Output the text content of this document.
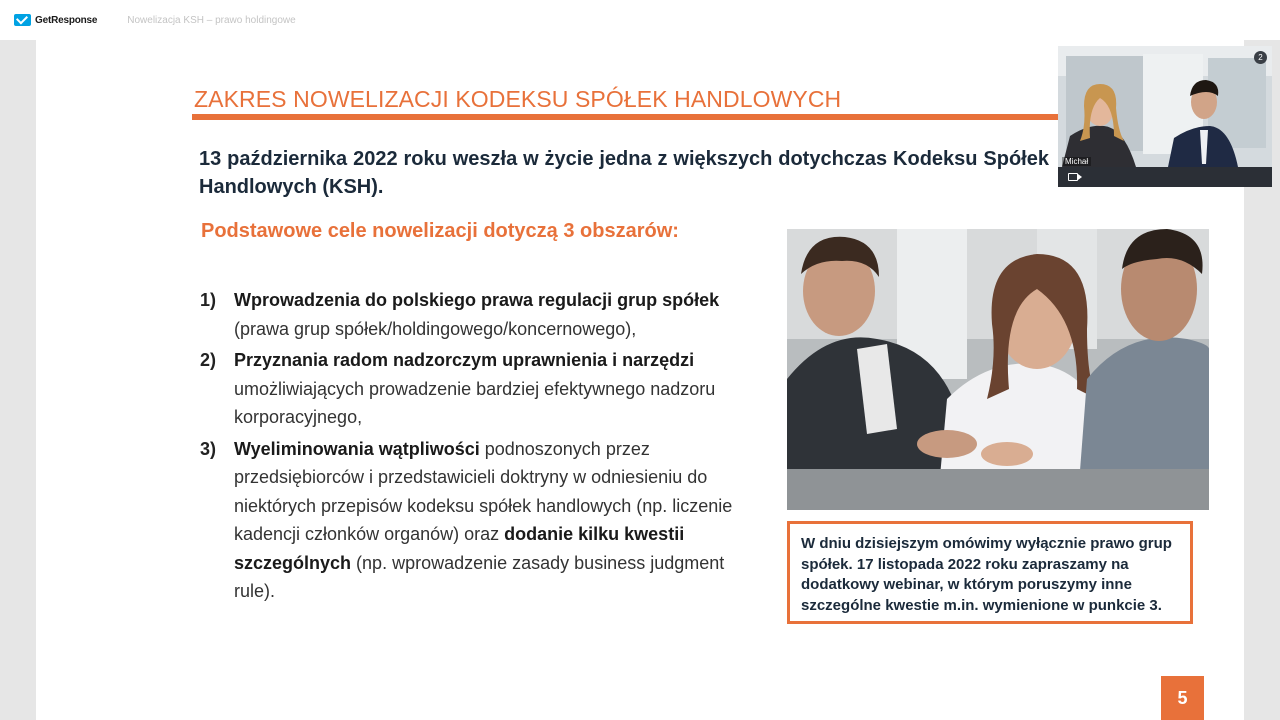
GetResponse	Nowelizacja KSH – prawo holdingowe
ZAKRES NOWELIZACJI KODEKSU SPÓŁEK HANDLOWYCH
13 października 2022 roku weszła w życie jedna z większych dotychczas Kodeksu Spółek Handlowych (KSH).
Podstawowe cele nowelizacji dotyczą 3 obszarów:
1) Wprowadzenia do polskiego prawa regulacji grup spółek (prawa grup spółek/holdingowego/koncernowego),
2) Przyznania radom nadzorczym uprawnienia i narzędzi umożliwiających prowadzenie bardziej efektywnego nadzoru korporacyjnego,
3) Wyeliminowania wątpliwości podnoszonych przez przedsiębiorców i przedstawicieli doktryny w odniesieniu do niektórych przepisów kodeksu spółek handlowych (np. liczenie kadencji członków organów) oraz dodanie kilku kwestii szczególnych (np. wprowadzenie zasady business judgment rule).
W dniu dzisiejszym omówimy wyłącznie prawo grup spółek. 17 listopada 2022 roku zapraszamy na dodatkowy webinar, w którym poruszymy inne szczególne kwestie m.in. wymienione w punkcie 3.
5
2
Michał
